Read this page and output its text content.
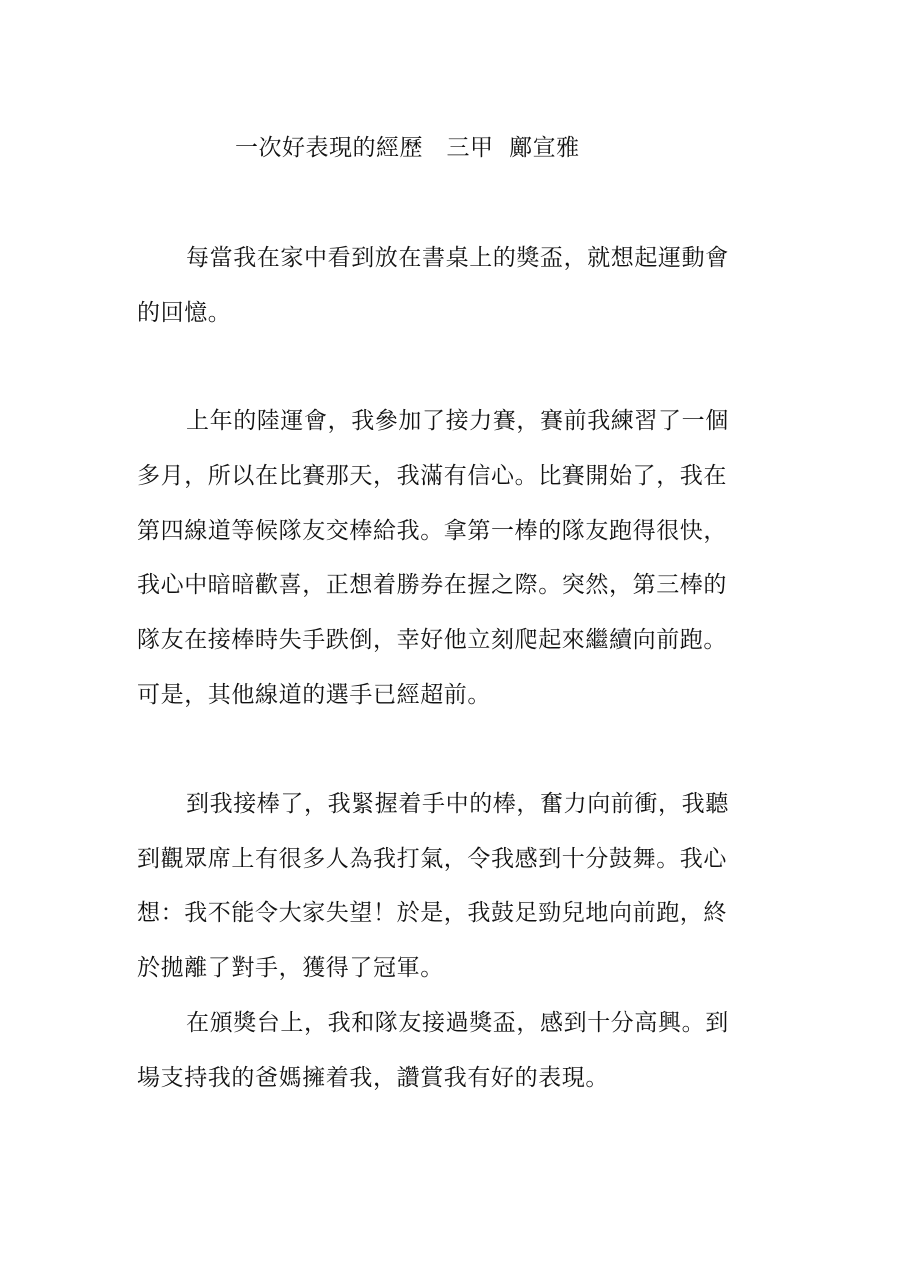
一次好表現的經歷　三甲  鄺宣雅
每當我在家中看到放在書桌上的獎盃，就想起運動會
的回憶。
上年的陸運會，我參加了接力賽，賽前我練習了一個
多月，所以在比賽那天，我滿有信心。比賽開始了，我在
第四線道等候隊友交棒給我。拿第一棒的隊友跑得很快，
我心中暗暗歡喜，正想着勝券在握之際。突然，第三棒的
隊友在接棒時失手跌倒，幸好他立刻爬起來繼續向前跑。
可是，其他線道的選手已經超前。
到我接棒了，我緊握着手中的棒，奮力向前衝，我聽
到觀眾席上有很多人為我打氣，令我感到十分鼓舞。我心
想：我不能令大家失望！於是，我鼓足勁兒地向前跑，終
於拋離了對手，獲得了冠軍。
在頒獎台上，我和隊友接過獎盃，感到十分高興。到
場支持我的爸媽擁着我，讚賞我有好的表現。
